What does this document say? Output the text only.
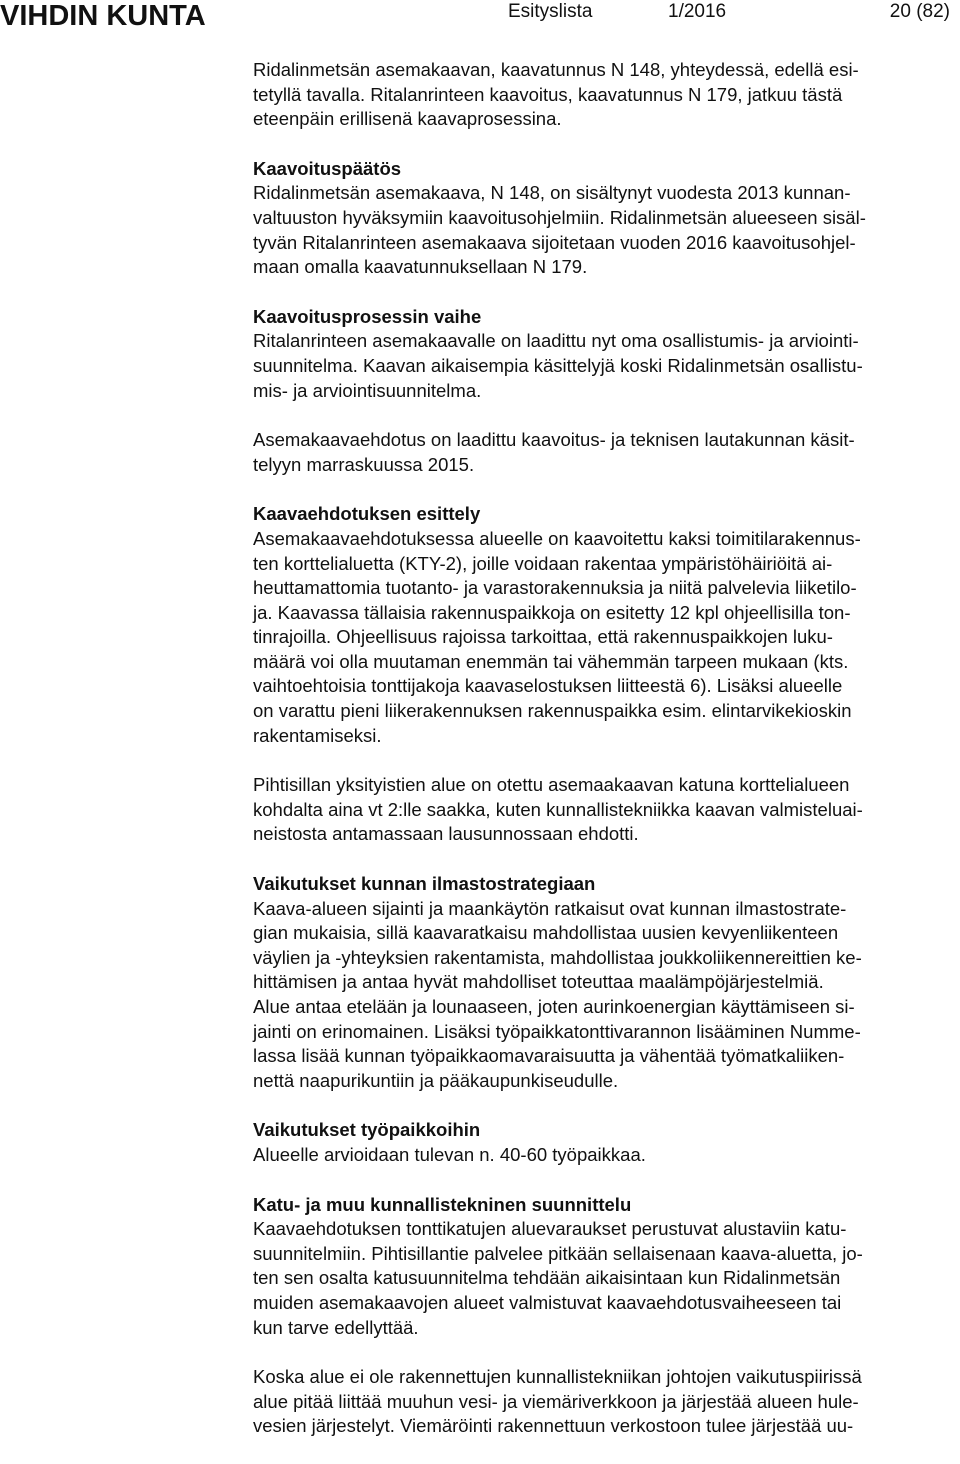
VIHDIN KUNTA	Esityslista	1/2016	20 (82)
Ridalinmetsän asemakaavan, kaavatunnus N 148, yhteydessä, edellä esi-
tetyllä tavalla. Ritalanrinteen kaavoitus, kaavatunnus N 179, jatkuu tästä
eteenpäin erillisenä kaavaprosessina.
Kaavoituspäätös
Ridalinmetsän asemakaava, N 148, on sisältynyt vuodesta 2013 kunnan-
valtuuston hyväksymiin kaavoitusohjelmiin. Ridalinmetsän alueeseen sisäl-
tyvän Ritalanrinteen asemakaava sijoitetaan vuoden 2016 kaavoitusohjel-
maan omalla kaavatunnuksellaan N 179.
Kaavoitusprosessin vaihe
Ritalanrinteen asemakaavalle on laadittu nyt oma osallistumis- ja arviointi-
suunnitelma. Kaavan aikaisempia käsittelyjä koski Ridalinmetsän osallistu-
mis- ja arviointisuunnitelma.
Asemakaavaehdotus on laadittu kaavoitus- ja teknisen lautakunnan käsit-
telyyn marraskuussa 2015.
Kaavaehdotuksen esittely
Asemakaavaehdotuksessa alueelle on kaavoitettu kaksi toimitilarakennus-
ten korttelialuetta (KTY-2), joille voidaan rakentaa ympäristöhäiriöitä ai-
heuttamattomia tuotanto- ja varastorakennuksia ja niitä palvelevia liiketilo-
ja. Kaavassa tällaisia rakennuspaikkoja on esitetty 12 kpl ohjeellisilla ton-
tinrajoilla. Ohjeellisuus rajoissa tarkoittaa, että rakennuspaikkojen luku-
määrä voi olla muutaman enemmän tai vähemmän tarpeen mukaan (kts.
vaihtoehtoisia tonttijakoja kaavaselostuksen liitteestä 6). Lisäksi alueelle
on varattu pieni liikerakennuksen rakennuspaikka esim. elintarvikekioskin
rakentamiseksi.
Pihtisillan yksityistien alue on otettu asemaakaavan katuna korttelialueen
kohdalta aina vt 2:lle saakka, kuten kunnallistekniikka kaavan valmisteluai-
neistosta antamassaan lausunnossaan ehdotti.
Vaikutukset kunnan ilmastostrategiaan
Kaava-alueen sijainti ja maankäytön ratkaisut ovat kunnan ilmastostrate-
gian mukaisia, sillä kaavaratkaisu mahdollistaa uusien kevyenliikenteen
väylien ja -yhteyksien rakentamista, mahdollistaa joukkoliikennereittien ke-
hittämisen ja antaa hyvät mahdolliset toteuttaa maalämpöjärjestelmiä.
Alue antaa etelään ja lounaaseen, joten aurinkoenergian käyttämiseen si-
jainti on erinomainen. Lisäksi työpaikkatonttivarannon lisääminen Numme-
lassa lisää kunnan työpaikkaomavaraisuutta ja vähentää työmatkaliiken-
nettä naapurikuntiin ja pääkaupunkiseudulle.
Vaikutukset työpaikkoihin
Alueelle arvioidaan tulevan n. 40-60 työpaikkaa.
Katu- ja muu kunnallistekninen suunnittelu
Kaavaehdotuksen tonttikatujen aluevaraukset perustuvat alustaviin katu-
suunnitelmiin. Pihtisillantie palvelee pitkään sellaisenaan kaava-aluetta, jo-
ten sen osalta katusuunnitelma tehdään aikaisintaan kun Ridalinmetsän
muiden asemakaavojen alueet valmistuvat kaavaehdotusvaiheeseen tai
kun tarve edellyttää.
Koska alue ei ole rakennettujen kunnallistekniikan johtojen vaikutuspiirissä
alue pitää liittää muuhun vesi- ja viemäriverkkoon ja järjestää alueen hule-
vesien järjestelyt. Viemäröinti rakennettuun verkostoon tulee järjestää uu-
